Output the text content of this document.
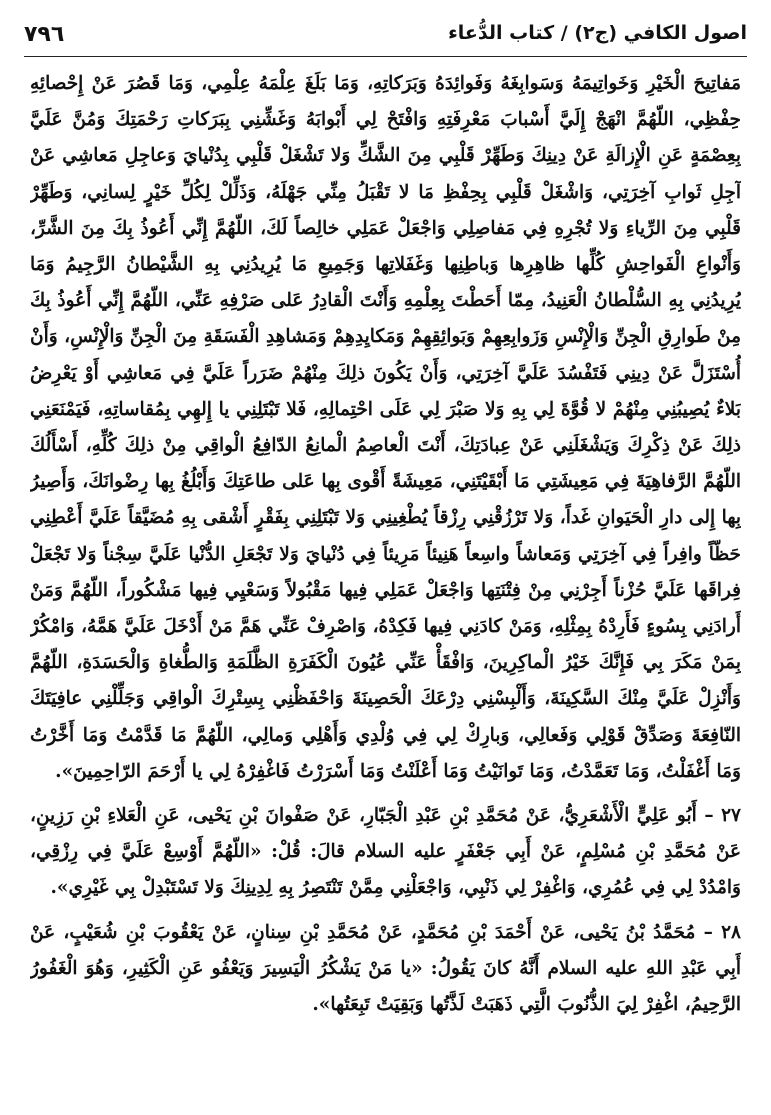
٧٩٦	اصول الكافي (ج٢) / كتاب الدُّعاء

مَفاتِيحَ الْخَيْرِ وَخَواتِيمَهُ وَسَوابِغَهُ وَفَوائِدَهُ وَبَرَكاتِهِ، وَمَا بَلَغَ عِلْمَهُ عِلْمِي، وَمَا قَصُرَ عَنْ إِحْصائِهِ حِفْظِي، اللّهُمَّ انْهَجْ إِلَيَّ أَسْبابَ مَعْرِفَتِهِ وَافْتَحْ لِي أَبْوابَهُ وَغَشِّنِي بِبَرَكاتِ رَحْمَتِكَ وَمُنَّ عَلَيَّ بِعِصْمَةٍ عَنِ الْإِزالَةِ عَنْ دِينِكَ وَطَهِّرْ قَلْبِي مِنَ الشَّكِّ وَلا تَشْغَلْ قَلْبِي بِدُنْيايَ وَعاجِلِ مَعاشِي عَنْ آجِلِ ثَوابِ آخِرَتِي، وَاشْغَلْ قَلْبِي بِحِفْظِ مَا لا تَقْبَلُ مِنِّي جَهْلَهُ، وَذَلِّلْ لِكُلِّ خَيْرٍ لِسانِي، وَطَهِّرْ قَلْبِي مِنَ الرِّياءِ وَلا تُجْرِهِ فِي مَفاصِلِي وَاجْعَلْ عَمَلِي خالِصاً لَكَ، اللّهُمَّ إِنِّي أَعُوذُ بِكَ مِنَ الشَّرِّ، وَأَنْواعِ الْفَواحِشِ كُلِّها ظاهِرِها وَباطِنِها وَغَفَلاتِها وَجَمِيعِ مَا يُرِيدُنِي بِهِ الشَّيْطانُ الرَّجِيمُ وَمَا يُرِيدُنِي بِهِ السُّلْطانُ الْعَنِيدُ، مِمّا أَحَطْتَ بِعِلْمِهِ وَأَنْتَ الْقادِرُ عَلى صَرْفِهِ عَنِّي، اللّهُمَّ إِنِّي أَعُوذُ بِكَ مِنْ طَوارِقِ الْجِنِّ وَالْإِنْسِ وَزَوابِعِهِمْ وَبَوائِقِهِمْ وَمَكايِدِهِمْ وَمَشاهِدِ الْفَسَقَةِ مِنَ الْجِنِّ وَالْإِنْسِ، وَأَنْ أُسْتَزَلَّ عَنْ دِينِي فَتَفْسُدَ عَلَيَّ آخِرَتِي، وَأَنْ يَكُونَ ذلِكَ مِنْهُمْ ضَرَراً عَلَيَّ فِي مَعاشِي أَوْ يَعْرِضُ بَلاءٌ يُصِيبُنِي مِنْهُمْ لا قُوَّةَ لِي بِهِ وَلا صَبْرَ لِي عَلَى احْتِمالِهِ، فَلا تَبْتَلِنِي يا إِلهِي بِمُقاساتِهِ، فَيَمْنَعَنِي ذلِكَ عَنْ ذِكْرِكَ وَيَشْغَلَنِي عَنْ عِبادَتِكَ، أَنْتَ الْعاصِمُ الْمانِعُ الدّافِعُ الْواقِي مِنْ ذلِكَ كُلِّهِ، أَسْأَلُكَ اللّهُمَّ الرَّفاهِيَةَ فِي مَعِيشَتِي مَا أَبْقَيْتَنِي، مَعِيشَةً أَقْوى بِها عَلى طاعَتِكَ وَأَبْلُغُ بِها رِضْوانَكَ، وَأَصِيرُ بِها إِلى دارِ الْحَيَوانِ غَداً، وَلا تَرْزُقْنِي رِزْقاً يُطْغِينِي وَلا تَبْتَلِنِي بِفَقْرٍ أَشْقى بِهِ مُضَيَّقاً عَلَيَّ أَعْطِنِي حَظّاً وافِراً فِي آخِرَتِي وَمَعاشاً واسِعاً هَنِيئاً مَرِيئاً فِي دُنْيايَ وَلا تَجْعَلِ الدُّنْيا عَلَيَّ سِجْناً وَلا تَجْعَلْ فِراقَها عَلَيَّ حُزْناً أَجِرْنِي مِنْ فِتْنَتِها وَاجْعَلْ عَمَلِي فِيها مَقْبُولاً وَسَعْيِي فِيها مَشْكُوراً، اللّهُمَّ وَمَنْ أَرادَنِي بِسُوءٍ فَأَرِدْهُ بِمِثْلِهِ، وَمَنْ كادَنِي فِيها فَكِدْهُ، وَاصْرِفْ عَنِّي هَمَّ مَنْ أَدْخَلَ عَلَيَّ هَمَّهُ، وَامْكُرْ بِمَنْ مَكَرَ بِي فَإِنَّكَ خَيْرُ الْماكِرِينَ، وَافْقَأْ عَنِّي عُيُونَ الْكَفَرَةِ الظَّلَمَةِ وَالطُّغاةِ وَالْحَسَدَةِ، اللّهُمَّ وَأَنْزِلْ عَلَيَّ مِنْكَ السَّكِينَةَ، وَأَلْبِسْنِي دِرْعَكَ الْحَصِينَةَ وَاحْفَظْنِي بِسِتْرِكَ الْواقِي وَجَلِّلْنِي عافِيَتَكَ النّافِعَةَ وَصَدِّقْ قَوْلِي وَفَعالِي، وَبارِكْ لِي فِي وُلْدِي وَأَهْلِي وَمالِي، اللّهُمَّ مَا قَدَّمْتُ وَمَا أَخَّرْتُ وَمَا أَغْفَلْتُ، وَمَا تَعَمَّدْتُ، وَمَا تَوانَيْتُ وَمَا أَعْلَنْتُ وَمَا أَسْرَرْتُ فَاغْفِرْهُ لِي يا أَرْحَمَ الرّاحِمِينَ».

٢٧ – أَبُو عَلِيٍّ الْأَشْعَرِيُّ، عَنْ مُحَمَّدِ بْنِ عَبْدِ الْجَبّارِ، عَنْ صَفْوانَ بْنِ يَحْيى، عَنِ الْعَلاءِ بْنِ رَزِينٍ، عَنْ مُحَمَّدِ بْنِ مُسْلِمٍ، عَنْ أَبِي جَعْفَرٍ عليه السلام قالَ: قُلْ: «اللّهُمَّ أَوْسِعْ عَلَيَّ فِي رِزْقِي، وَامْدُدْ لِي فِي عُمُرِي، وَاغْفِرْ لِي ذَنْبِي، وَاجْعَلْنِي مِمَّنْ تَنْتَصِرُ بِهِ لِدِينِكَ وَلا تَسْتَبْدِلْ بِي غَيْرِي».

٢٨ – مُحَمَّدُ بْنُ يَحْيى، عَنْ أَحْمَدَ بْنِ مُحَمَّدٍ، عَنْ مُحَمَّدِ بْنِ سِنانٍ، عَنْ يَعْقُوبَ بْنِ شُعَيْبٍ، عَنْ أَبِي عَبْدِ اللهِ عليه السلام أَنَّهُ كانَ يَقُولُ: «يا مَنْ يَشْكُرُ الْيَسِيرَ وَيَعْفُو عَنِ الْكَثِيرِ، وَهُوَ الْغَفُورُ الرَّحِيمُ، اغْفِرْ لِيَ الذُّنُوبَ الَّتِي ذَهَبَتْ لَذَّتُها وَبَقِيَتْ تَبِعَتُها».
